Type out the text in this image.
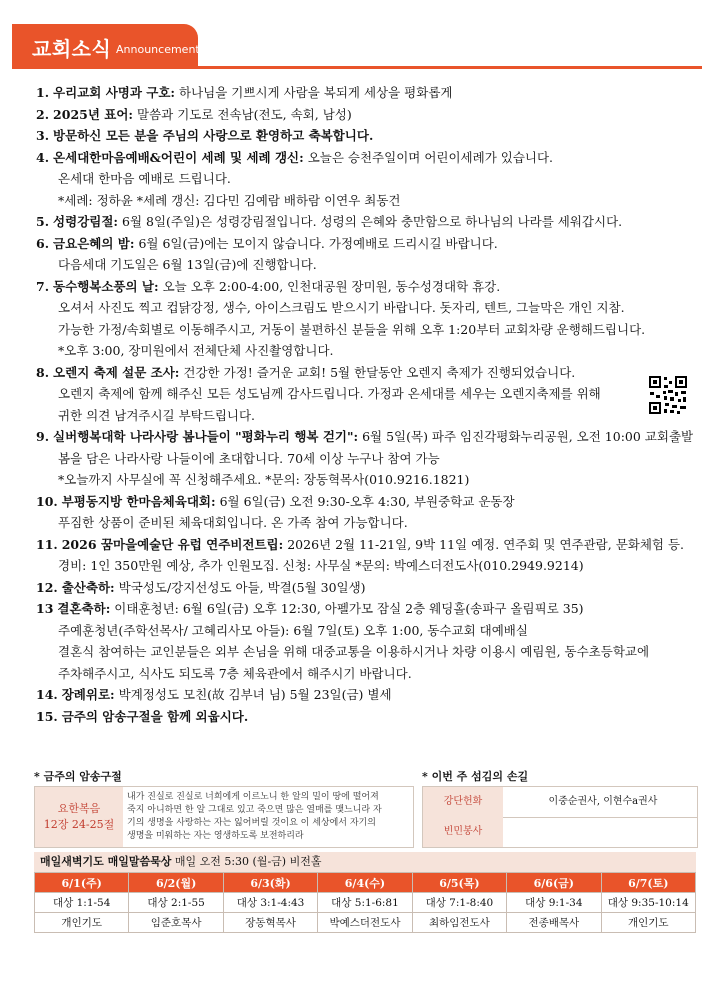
교회소식 Announcement
1. 우리교회 사명과 구호: 하나님을 기쁘시게 사람을 복되게 세상을 평화롭게
2. 2025년 표어: 말씀과 기도로 전속남(전도, 속회, 남성)
3. 방문하신 모든 분을 주님의 사랑으로 환영하고 축복합니다.
4. 온세대한마음예배&어린이 세례 및 세례 갱신: 오늘은 승천주일이며 어린이세례가 있습니다.
온세대 한마음 예배로 드립니다.
*세례: 정하윤 *세례 갱신: 김다민 김예람 배하람 이연우 최동건
5. 성령강림절: 6월 8일(주일)은 성령강림절입니다. 성령의 은혜와 충만함으로 하나님의 나라를 세워갑시다.
6. 금요은혜의 밤: 6월 6일(금)에는 모이지 않습니다. 가정예배로 드리시길 바랍니다.
다음세대 기도일은 6월 13일(금)에 진행합니다.
7. 동수행복소풍의 날: 오늘 오후 2:00-4:00, 인천대공원 장미원, 동수성경대학 휴강.
오셔서 사진도 찍고 컵닭강정, 생수, 아이스크림도 받으시기 바랍니다. 돗자리, 텐트, 그늘막은 개인 지참.
가능한 가정/속회별로 이동해주시고, 거동이 불편하신 분들을 위해 오후 1:20부터 교회차량 운행해드립니다.
*오후 3:00, 장미원에서 전체단체 사진촬영합니다.
8. 오렌지 축제 설문 조사: 건강한 가정! 즐거운 교회! 5월 한달동안 오렌지 축제가 진행되었습니다.
오렌지 축제에 함께 해주신 모든 성도님께 감사드립니다. 가정과 온세대를 세우는 오렌지축제를 위해
귀한 의견 남겨주시길 부탁드립니다.
9. 실버행복대학 나라사랑 봄나들이 "평화누리 행복 걷기": 6월 5일(목) 파주 임진각평화누리공원, 오전 10:00 교회출발
봄을 담은 나라사랑 나들이에 초대합니다. 70세 이상 누구나 참여 가능
*오늘까지 사무실에 꼭 신청해주세요. *문의: 장동혁목사(010.9216.1821)
10. 부평동지방 한마음체육대회: 6월 6일(금) 오전 9:30-오후 4:30, 부원중학교 운동장
푸짐한 상품이 준비된 체육대회입니다. 온 가족 참여 가능합니다.
11. 2026 꿈마을예술단 유럽 연주비전트립: 2026년 2월 11-21일, 9박 11일 예정. 연주회 및 연주관람, 문화체험 등.
경비: 1인 350만원 예상, 추가 인원모집. 신청: 사무실 *문의: 박예스더전도사(010.2949.9214)
12. 출산축하: 박국성도/강지선성도 아들, 박결(5월 30일생)
13 결혼축하: 이태훈청년: 6월 6일(금) 오후 12:30, 아펠가모 잠실 2층 웨딩홀(송파구 올림픽로 35)
주예훈청년(주학선목사/ 고혜리사모 아들): 6월 7일(토) 오후 1:00, 동수교회 대예배실
결혼식 참여하는 교인분들은 외부 손님을 위해 대중교통을 이용하시거나 차량 이용시 예림원, 동수초등학교에
주차해주시고, 식사도 되도록 7층 체육관에서 해주시기 바랍니다.
14. 장례위로: 박계정성도 모친(故 김부녀 님) 5월 23일(금) 별세
15. 금주의 암송구절을 함께 외웁시다.
* 금주의 암송구절	* 이번 주 섬김의 손길
요한복음
12장 24-25절
내가 진실로 진실로 너희에게 이르노니 한 알의 밀이 땅에 떨어져
죽지 아니하면 한 알 그대로 있고 죽으면 많은 열매를 맺느니라 자
기의 생명을 사랑하는 자는 잃어버릴 것이요 이 세상에서 자기의
생명을 미워하는 자는 영생하도록 보전하리라
강단헌화	이중순권사, 이현수a권사
빈민봉사
매일새벽기도 매일말씀묵상 매일 오전 5:30 (월-금) 비전홀
6/1(주)	6/2(월)	6/3(화)	6/4(수)	6/5(목)	6/6(금)	6/7(토)
대상 1:1-54	대상 2:1-55	대상 3:1-4:43	대상 5:1-6:81	대상 7:1-8:40	대상 9:1-34	대상 9:35-10:14
개인기도	임준호목사	장동혁목사	박예스더전도사	최하임전도사	전종배목사	개인기도
